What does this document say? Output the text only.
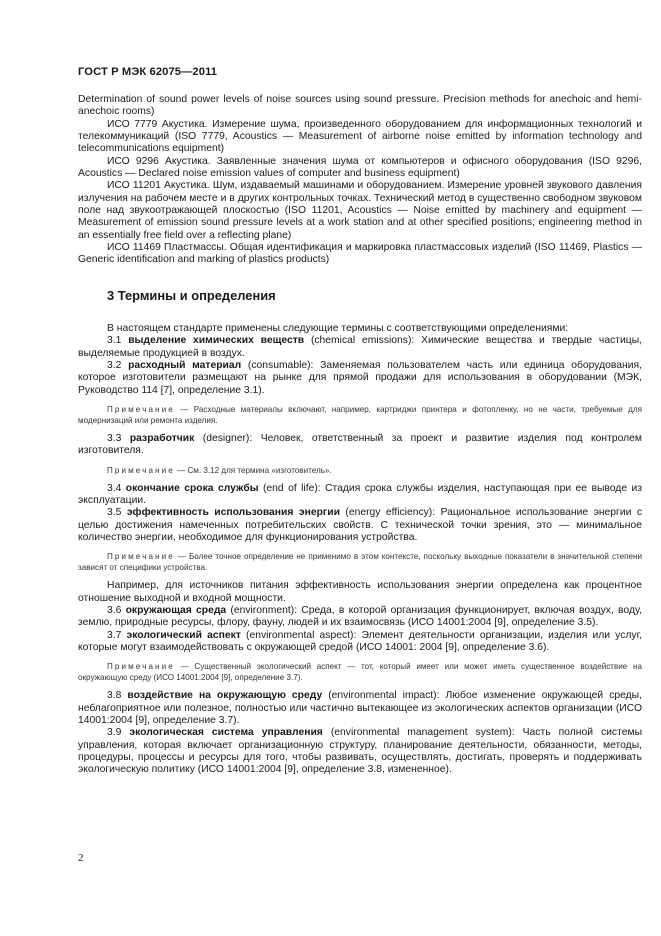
ГОСТ Р МЭК 62075—2011

Determination of sound power levels of noise sources using sound pressure. Precision methods for anechoic and hemi-anechoic rooms)

ИСО 7779 Акустика. Измерение шума, произведенного оборудованием для информационных технологий и телекоммуникаций (ISO 7779, Acoustics — Measurement of airborne noise emitted by information technology and telecommunications equipment)

ИСО 9296 Акустика. Заявленные значения шума от компьютеров и офисного оборудования (ISO 9296, Acoustics — Declared noise emission values of computer and business equipment)

ИСО 11201 Акустика. Шум, издаваемый машинами и оборудованием. Измерение уровней звукового давления излучения на рабочем месте и в других контрольных точках. Технический метод в существенно свободном звуковом поле над звукоотражающей плоскостью (ISO 11201, Acoustics — Noise emitted by machinery and equipment — Measurement of emission sound pressure levels at a work station and at other specified positions; engineering method in an essentially free field over a reflecting plane)

ИСО 11469 Пластмассы. Общая идентификация и маркировка пластмассовых изделий (ISO 11469, Plastics — Generic identification and marking of plastics products)

3 Термины и определения

В настоящем стандарте применены следующие термины с соответствующими определениями:

3.1 выделение химических веществ (chemical emissions): Химические вещества и твердые частицы, выделяемые продукцией в воздух.

3.2 расходный материал (consumable): Заменяемая пользователем часть или единица оборудования, которое изготовители размещают на рынке для прямой продажи для использования в оборудовании (МЭК, Руководство 114 [7], определение 3.1).

Примечание — Расходные материалы включают, например, картриджи принтера и фотопленку, но не части, требуемые для модернизаций или ремонта изделия.

3.3 разработчик (designer): Человек, ответственный за проект и развитие изделия под контролем изготовителя.

Примечание — См. 3.12 для термина «изготовитель».

3.4 окончание срока службы (end of life): Стадия срока службы изделия, наступающая при ее выводе из эксплуатации.

3.5 эффективность использования энергии (energy efficiency): Рациональное использование энергии с целью достижения намеченных потребительских свойств. С технической точки зрения, это — минимальное количество энергии, необходимое для функционирования устройства.

Примечание — Более точное определение не применимо в этом контексте, поскольку выходные показатели в значительной степени зависят от специфики устройства.

Например, для источников питания эффективность использования энергии определена как процентное отношение выходной и входной мощности.

3.6 окружающая среда (environment): Среда, в которой организация функционирует, включая воздух, воду, землю, природные ресурсы, флору, фауну, людей и их взаимосвязь (ИСО 14001:2004 [9], определение 3.5).

3.7 экологический аспект (environmental aspect): Элемент деятельности организации, изделия или услуг, которые могут взаимодействовать с окружающей средой (ИСО 14001: 2004 [9], определение 3.6).

Примечание — Существенный экологический аспект — тот, который имеет или может иметь существенное воздействие на окружающую среду (ИСО 14001:2004 [9], определение 3.7).

3.8 воздействие на окружающую среду (environmental impact): Любое изменение окружающей среды, неблагоприятное или полезное, полностью или частично вытекающее из экологических аспектов организации (ИСО 14001:2004 [9], определение 3.7).

3.9 экологическая система управления (environmental management system): Часть полной системы управления, которая включает организационную структуру, планирование деятельности, обязанности, методы, процедуры, процессы и ресурсы для того, чтобы развивать, осуществлять, достигать, проверять и поддерживать экологическую политику (ИСО 14001:2004 [9], определение 3.8, измененное).

2
